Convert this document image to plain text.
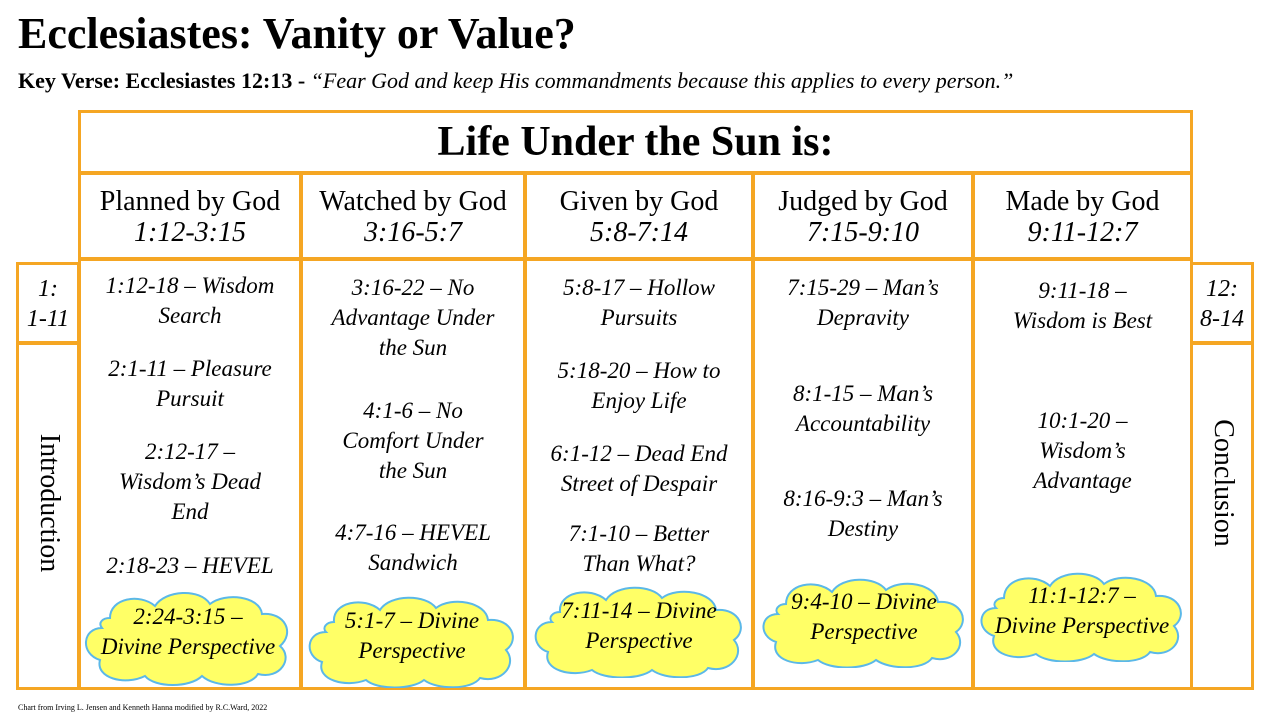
Ecclesiastes: Vanity or Value?
Key Verse: Ecclesiastes 12:13 - “Fear God and keep His commandments because this applies to every person.”
Life Under the Sun is:
1:
1-11
Introduction
12:
8-14
Conclusion
Planned by God
1:12-3:15
1:12-18 – Wisdom
Search
2:1-11 – Pleasure
Pursuit
2:12-17 –
Wisdom’s Dead
End
2:18-23 – HEVEL
Watched by God
3:16-5:7
3:16-22 – No
Advantage Under
the Sun
4:1-6 – No
Comfort Under
the Sun
4:7-16 – HEVEL
Sandwich
Given by God
5:8-7:14
5:8-17 – Hollow
Pursuits
5:18-20 – How to
Enjoy Life
6:1-12 – Dead End
Street of Despair
7:1-10 – Better
Than What?
Judged by God
7:15-9:10
7:15-29 – Man’s
Depravity
8:1-15 – Man’s
Accountability
8:16-9:3 – Man’s
Destiny
Made by God
9:11-12:7
9:11-18 –
Wisdom is Best
10:1-20 –
Wisdom’s
Advantage
2:24-3:15 –
Divine Perspective
5:1-7 – Divine
Perspective
7:11-14 – Divine
Perspective
9:4-10 – Divine
Perspective
11:1-12:7 –
Divine Perspective
Chart from Irving L. Jensen and Kenneth Hanna modified by R.C.Ward, 2022
